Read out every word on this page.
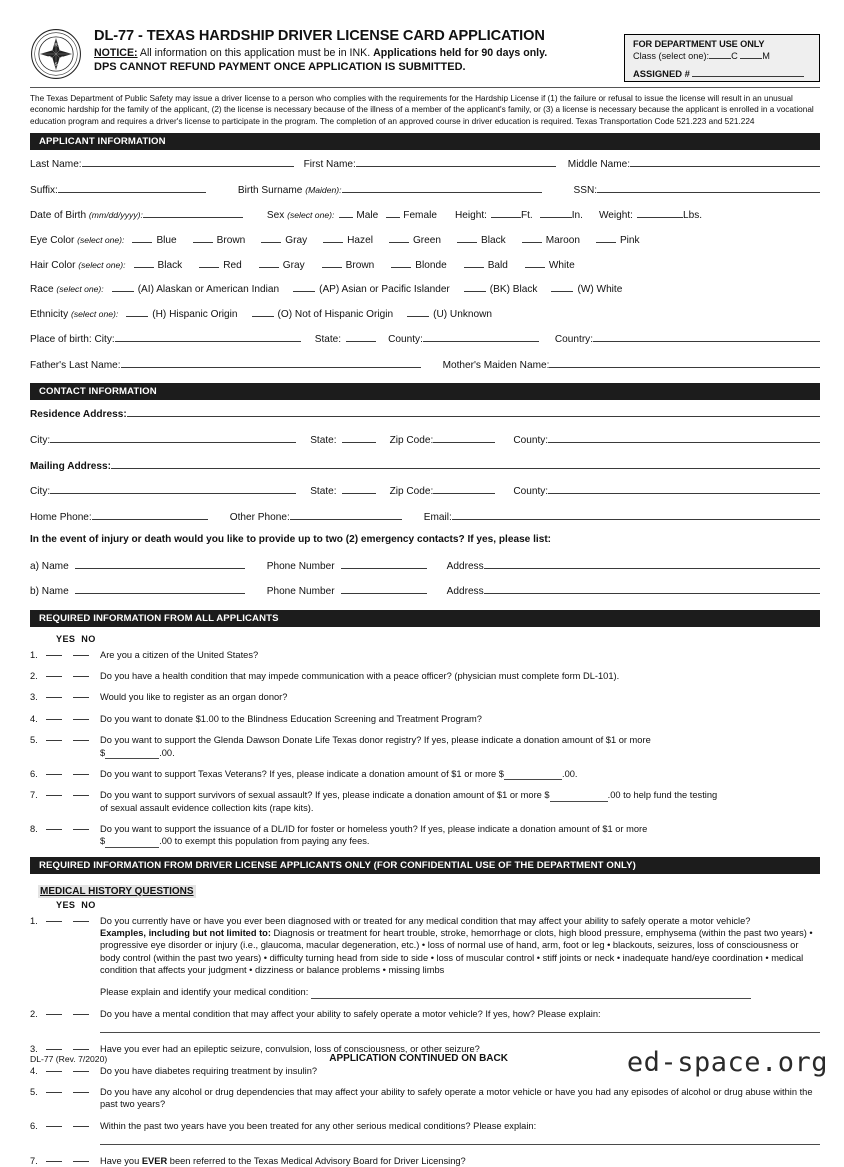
R X
E
T A
S
DL-77 - TEXAS HARDSHIP DRIVER LICENSE CARD APPLICATION
NOTICE: All information on this application must be in INK. Applications held for 90 days only.
DPS CANNOT REFUND PAYMENT ONCE APPLICATION IS SUBMITTED.
FOR DEPARTMENT USE ONLY
Class (select one): C	M
ASSIGNED #
The Texas Department of Public Safety may issue a driver license to a person who complies with the requirements for the Hardship License if (1) the failure or refusal to issue the license will result in an unusual economic hardship for the family of the applicant, (2) the license is necessary because of the illness of a member of the applicant's family, or (3) a license is necessary because the applicant is enrolled in a vocational education program and requires a driver's license to participate in the program. The completion of an approved course in driver education is required. Texas Transportation Code 521.223 and 521.224
APPLICANT INFORMATION
Last Name:	First Name:	Middle Name:
Suffix:	Birth Surname (Maiden):	SSN:
Date of Birth (mm/dd/yyyy):	Sex (select one): Male Female Height:	Ft.	In. Weight:	Lbs.
Eye Color (select one):	Blue	Brown	Gray	Hazel	Green	Black	Maroon	Pink
Hair Color (select one):	Black	Red	Gray	Brown	Blonde	Bald	White
Race (select one):	(AI) Alaskan or American Indian	(AP) Asian or Pacific Islander	(BK) Black	(W) White
Ethnicity (select one):	(H) Hispanic Origin	(O) Not of Hispanic Origin	(U) Unknown
Place of birth: City:	State:	County:	Country:
Father's Last Name:	Mother's Maiden Name:
CONTACT INFORMATION
Residence Address:
City:	State:	Zip Code:	County:
Mailing Address:
City:	State:	Zip Code:	County:
Home Phone:	Other Phone:	Email:
In the event of injury or death would you like to provide up to two (2) emergency contacts? If yes, please list:
a) Name	Phone Number	Address
b) Name	Phone Number	Address
REQUIRED INFORMATION FROM ALL APPLICANTS
YES NO
1.	Are you a citizen of the United States?
2.	Do you have a health condition that may impede communication with a peace officer? (physician must complete form DL-101).
3.	Would you like to register as an organ donor?
4.	Do you want to donate $1.00 to the Blindness Education Screening and Treatment Program?
5.	Do you want to support the Glenda Dawson Donate Life Texas donor registry? If yes, please indicate a donation amount of $1 or more
$	.00.
6.	Do you want to support Texas Veterans? If yes, please indicate a donation amount of $1 or more $	.00.
7.	Do you want to support survivors of sexual assault? If yes, please indicate a donation amount of $1 or more $	.00 to help fund the testing
of sexual assault evidence collection kits (rape kits).
8.	Do you want to support the issuance of a DL/ID for foster or homeless youth? If yes, please indicate a donation amount of $1 or more
$	.00 to exempt this population from paying any fees.
REQUIRED INFORMATION FROM DRIVER LICENSE APPLICANTS ONLY (FOR CONFIDENTIAL USE OF THE DEPARTMENT ONLY)
MEDICAL HISTORY QUESTIONS
YES NO
1.	Do you currently have or have you ever been diagnosed with or treated for any medical condition that may affect your ability to safely operate a motor vehicle?
Examples, including but not limited to: Diagnosis or treatment for heart trouble, stroke, hemorrhage or clots, high blood pressure, emphysema (within the past two years) • progressive eye disorder or injury (i.e., glaucoma, macular degeneration, etc.) • loss of normal use of hand, arm, foot or leg • blackouts, seizures, loss of consciousness or body control (within the past two years) • difficulty turning head from side to side • loss of muscular control • stiff joints or neck • inadequate hand/eye coordination • medical condition that affects your judgment • dizziness or balance problems • missing limbs
Please explain and identify your medical condition:
2.	Do you have a mental condition that may affect your ability to safely operate a motor vehicle? If yes, how? Please explain:
3.	Have you ever had an epileptic seizure, convulsion, loss of consciousness, or other seizure?
4.	Do you have diabetes requiring treatment by insulin?
5.	Do you have any alcohol or drug dependencies that may affect your ability to safely operate a motor vehicle or have you had any episodes of alcohol or drug abuse within the past two years?
6.	Within the past two years have you been treated for any other serious medical conditions? Please explain:
7.	Have you EVER been referred to the Texas Medical Advisory Board for Driver Licensing?
DL-77 (Rev. 7/2020)	APPLICATION CONTINUED ON BACK	ed-space.org
